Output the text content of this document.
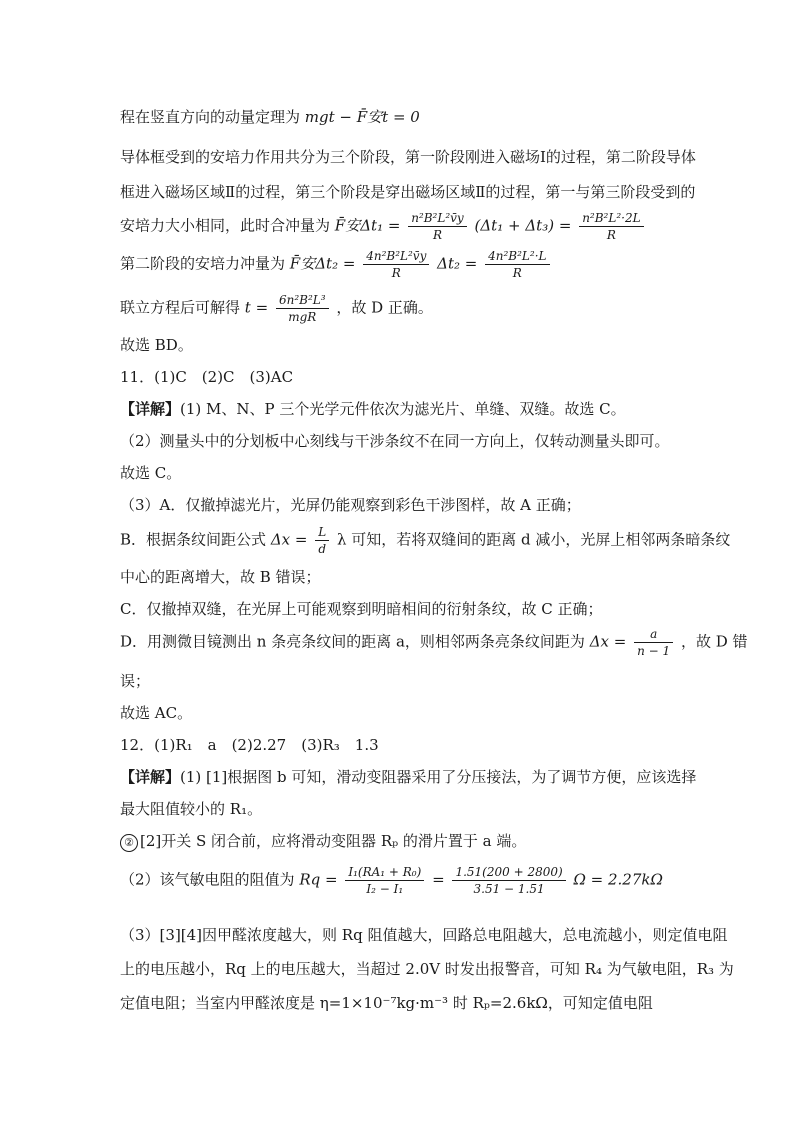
程在竖直方向的动量定理为 mgt − F̄安t = 0
导体框受到的安培力作用共分为三个阶段，第一阶段刚进入磁场Ⅰ的过程，第二阶段导体
框进入磁场区域Ⅱ的过程，第三个阶段是穿出磁场区域Ⅱ的过程，第一与第三阶段受到的
安培力大小相同，此时合冲量为 F̄安$\Delta t_1 = \frac{\text{n²B²L²v̄y}}{R} (\Delta t_1 + \Delta t_3) = \frac{\text{n²B²L²·2L}}{R}$
第二阶段的安培力冲量为 F̄安$\Delta t_2 = \frac{\text{4n²B²L²v̄y}}{R} \Delta t_2 = \frac{\text{4n²B²L²·L}}{R}$
联立方程后可解得 $t = \frac{\text{6n²B²L³}}{\text{mgR}}$ ，故 D 正确。
故选 BD。
11．(1)C　(2)C　(3)AC
【详解】(1) M、N、P 三个光学元件依次为滤光片、单缝、双缝。故选 C。
（2）测量头中的分划板中心刻线与干涉条纹不在同一方向上，仅转动测量头即可。
故选 C。
（3）A．仅撤掉滤光片，光屏仍能观察到彩色干涉图样，故 A 正确；
B．根据条纹间距公式 $\Delta x = \frac{L}{d}$ λ 可知，若将双缝间的距离 d 减小，光屏上相邻两条暗条纹
中心的距离增大，故 B 错误；
C．仅撤掉双缝，在光屏上可能观察到明暗相间的衍射条纹，故 C 正确；
D．用测微目镜测出 n 条亮条纹间的距离 a，则相邻两条亮条纹间距为 $\Delta x = \frac{a}{n - 1}$ ，故 D 错
误；
故选 AC。
12．(1)R₁　a　(2)2.27　(3)R₃　1.3
【详解】(1) [1]根据图 b 可知，滑动变阻器采用了分压接法，为了调节方便，应该选择
最大阻值较小的 R₁。
② [2]开关 S 闭合前，应将滑动变阻器 Rₚ 的滑片置于 a 端。
（2）该气敏电阻的阻值为 $Rq = \frac{\text{I₁(RA₁ + R₀)}}{\text{I₂ − I₁}} = \frac{1.51(200 + 2800)}{3.51 - 1.51}$ Ω = 2.27kΩ
（3）[3][4]因甲醛浓度越大，则 Rq 阻值越大，回路总电阻越大，总电流越小，则定值电阻
上的电压越小，Rq 上的电压越大，当超过 2.0V 时发出报警音，可知 R₄ 为气敏电阻，R₃ 为
定值电阻；当室内甲醛浓度是 η=1×10⁻⁷kg·m⁻³ 时 Rₚ=2.6kΩ，可知定值电阻
